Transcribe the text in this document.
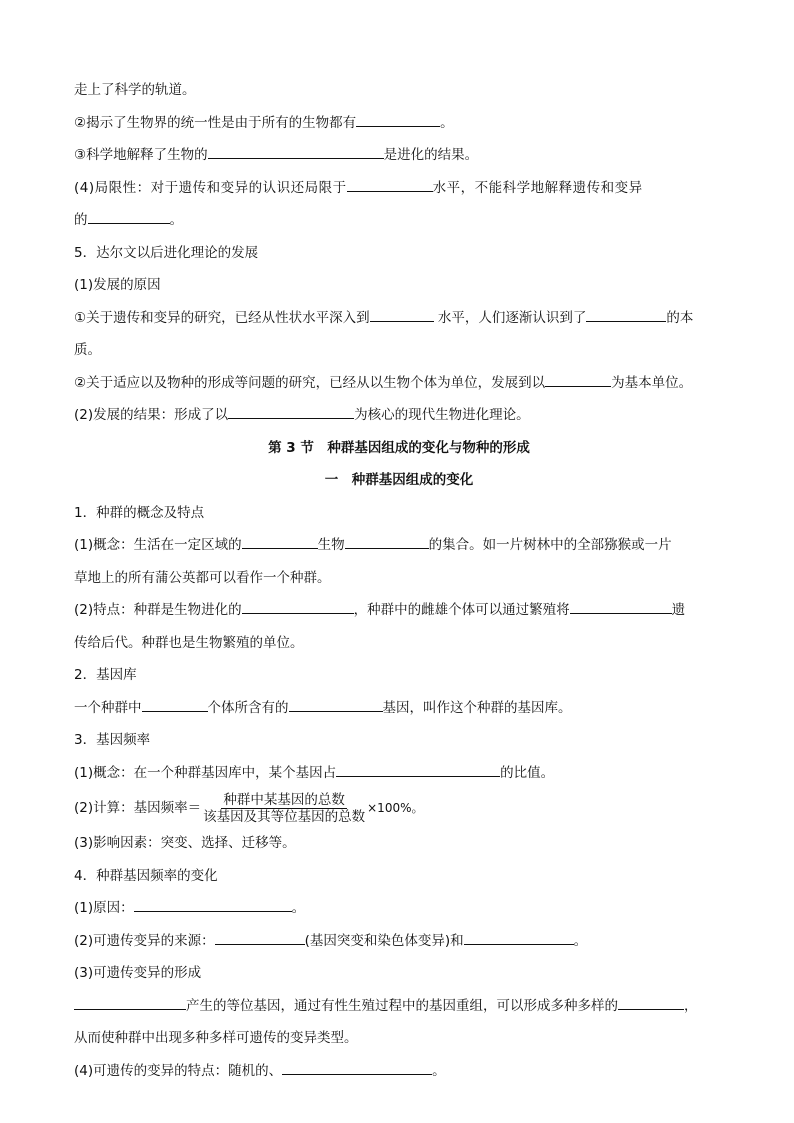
走上了科学的轨道。
②揭示了生物界的统一性是由于所有的生物都有	。
③科学地解释了生物的	是进化的结果。
(4)局限性：对于遗传和变异的认识还局限于	水平，不能科学地解释遗传和变异
的	。
5．达尔文以后进化理论的发展
(1)发展的原因
①关于遗传和变异的研究，已经从性状水平深入到	水平，人们逐渐认识到了	的本
质。
②关于适应以及物种的形成等问题的研究，已经从以生物个体为单位，发展到以	为基本单位。
(2)发展的结果：形成了以	为核心的现代生物进化理论。
第 3 节　种群基因组成的变化与物种的形成
一　种群基因组成的变化
1．种群的概念及特点
(1)概念：生活在一定区域的	生物	的集合。如一片树林中的全部猕猴或一片
草地上的所有蒲公英都可以看作一个种群。
(2)特点：种群是生物进化的	，种群中的雌雄个体可以通过繁殖将	遗
传给后代。种群也是生物繁殖的单位。
2．基因库
一个种群中	个体所含有的	基因，叫作这个种群的基因库。
3．基因频率
(1)概念：在一个种群基因库中，某个基因占	的比值。
(2)计算：基因频率＝ $\frac{\text{种群中某基因的总数}}{\text{该基因及其等位基因的总数}} \times 100\%$。
(3)影响因素：突变、选择、迁移等。
4．种群基因频率的变化
(1)原因：	。
(2)可遗传变异的来源：	(基因突变和染色体变异)和	。
(3)可遗传变异的形成
产生的等位基因，通过有性生殖过程中的基因重组，可以形成多种多样的	，
从而使种群中出现多种多样可遗传的变异类型。
(4)可遗传的变异的特点：随机的、	。
